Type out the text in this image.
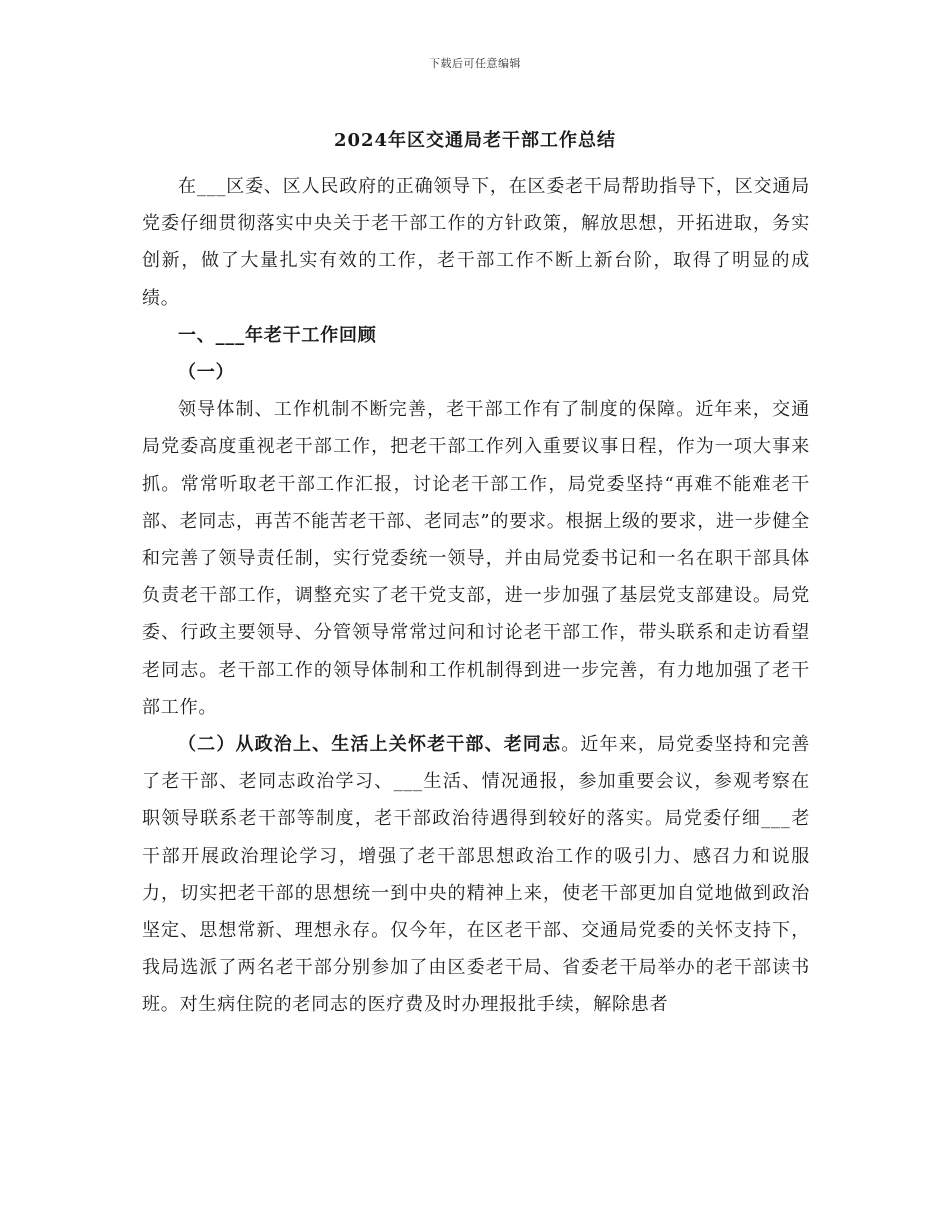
下载后可任意编辑
2024年区交通局老干部工作总结

在___区委、区人民政府的正确领导下，在区委老干局帮助指导下，区交通局党委仔细贯彻落实中央关于老干部工作的方针政策，解放思想，开拓进取，务实创新，做了大量扎实有效的工作，老干部工作不断上新台阶，取得了明显的成绩。

一、___年老干工作回顾

（一）

领导体制、工作机制不断完善，老干部工作有了制度的保障。近年来，交通局党委高度重视老干部工作，把老干部工作列入重要议事日程，作为一项大事来抓。常常听取老干部工作汇报，讨论老干部工作，局党委坚持“再难不能难老干部、老同志，再苦不能苦老干部、老同志”的要求。根据上级的要求，进一步健全和完善了领导责任制，实行党委统一领导，并由局党委书记和一名在职干部具体负责老干部工作，调整充实了老干党支部，进一步加强了基层党支部建设。局党委、行政主要领导、分管领导常常过问和讨论老干部工作，带头联系和走访看望老同志。老干部工作的领导体制和工作机制得到进一步完善，有力地加强了老干部工作。

（二）从政治上、生活上关怀老干部、老同志。近年来，局党委坚持和完善了老干部、老同志政治学习、___生活、情况通报，参加重要会议，参观考察在职领导联系老干部等制度，老干部政治待遇得到较好的落实。局党委仔细___老干部开展政治理论学习，增强了老干部思想政治工作的吸引力、感召力和说服力，切实把老干部的思想统一到中央的精神上来，使老干部更加自觉地做到政治坚定、思想常新、理想永存。仅今年，在区老干部、交通局党委的关怀支持下，我局选派了两名老干部分别参加了由区委老干局、省委老干局举办的老干部读书班。对生病住院的老同志的医疗费及时办理报批手续，解除患者
